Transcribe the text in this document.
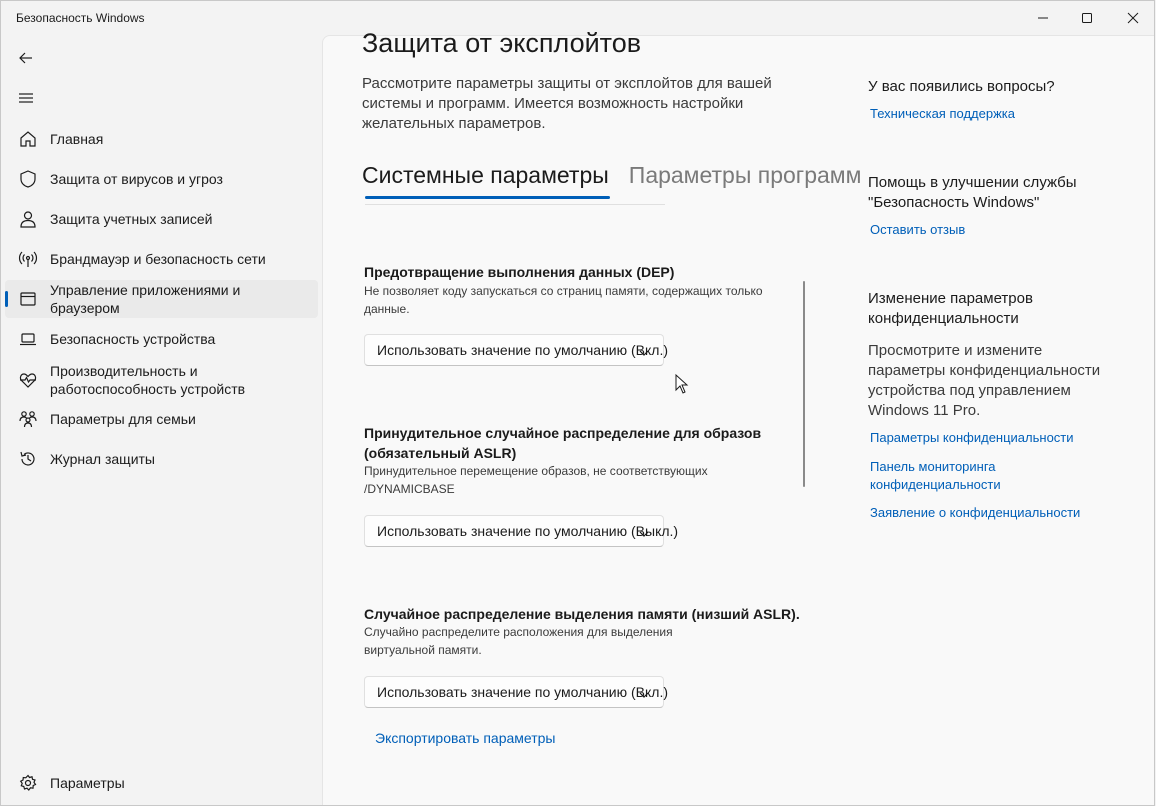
Безопасность Windows
Главная
Защита от вирусов и угроз
Защита учетных записей
Брандмауэр и безопасность сети
Управление приложениями и браузером
Безопасность устройства
Производительность и работоспособность устройств
Параметры для семьи
Журнал защиты
Параметры
Защита от эксплойтов
Рассмотрите параметры защиты от эксплойтов для вашей системы и программ. Имеется возможность настройки желательных параметров.
Системные параметры Параметры программ
Предотвращение выполнения данных (DEP)
Не позволяет коду запускаться со страниц памяти, содержащих только данные.
Использовать значение по умолчанию (Вкл.)
Принудительное случайное распределение для образов (обязательный ASLR)
Принудительное перемещение образов, не соответствующих /DYNAMICBASE
Использовать значение по умолчанию (Выкл.)
Случайное распределение выделения памяти (низший ASLR).
Случайно распределите расположения для выделения виртуальной памяти.
Использовать значение по умолчанию (Вкл.)
Экспортировать параметры
У вас появились вопросы?
Техническая поддержка
Помощь в улучшении службы "Безопасность Windows"
Оставить отзыв
Изменение параметров конфиденциальности
Просмотрите и измените параметры конфиденциальности устройства под управлением Windows 11 Pro.
Параметры конфиденциальности
Панель мониторинга конфиденциальности
Заявление о конфиденциальности
